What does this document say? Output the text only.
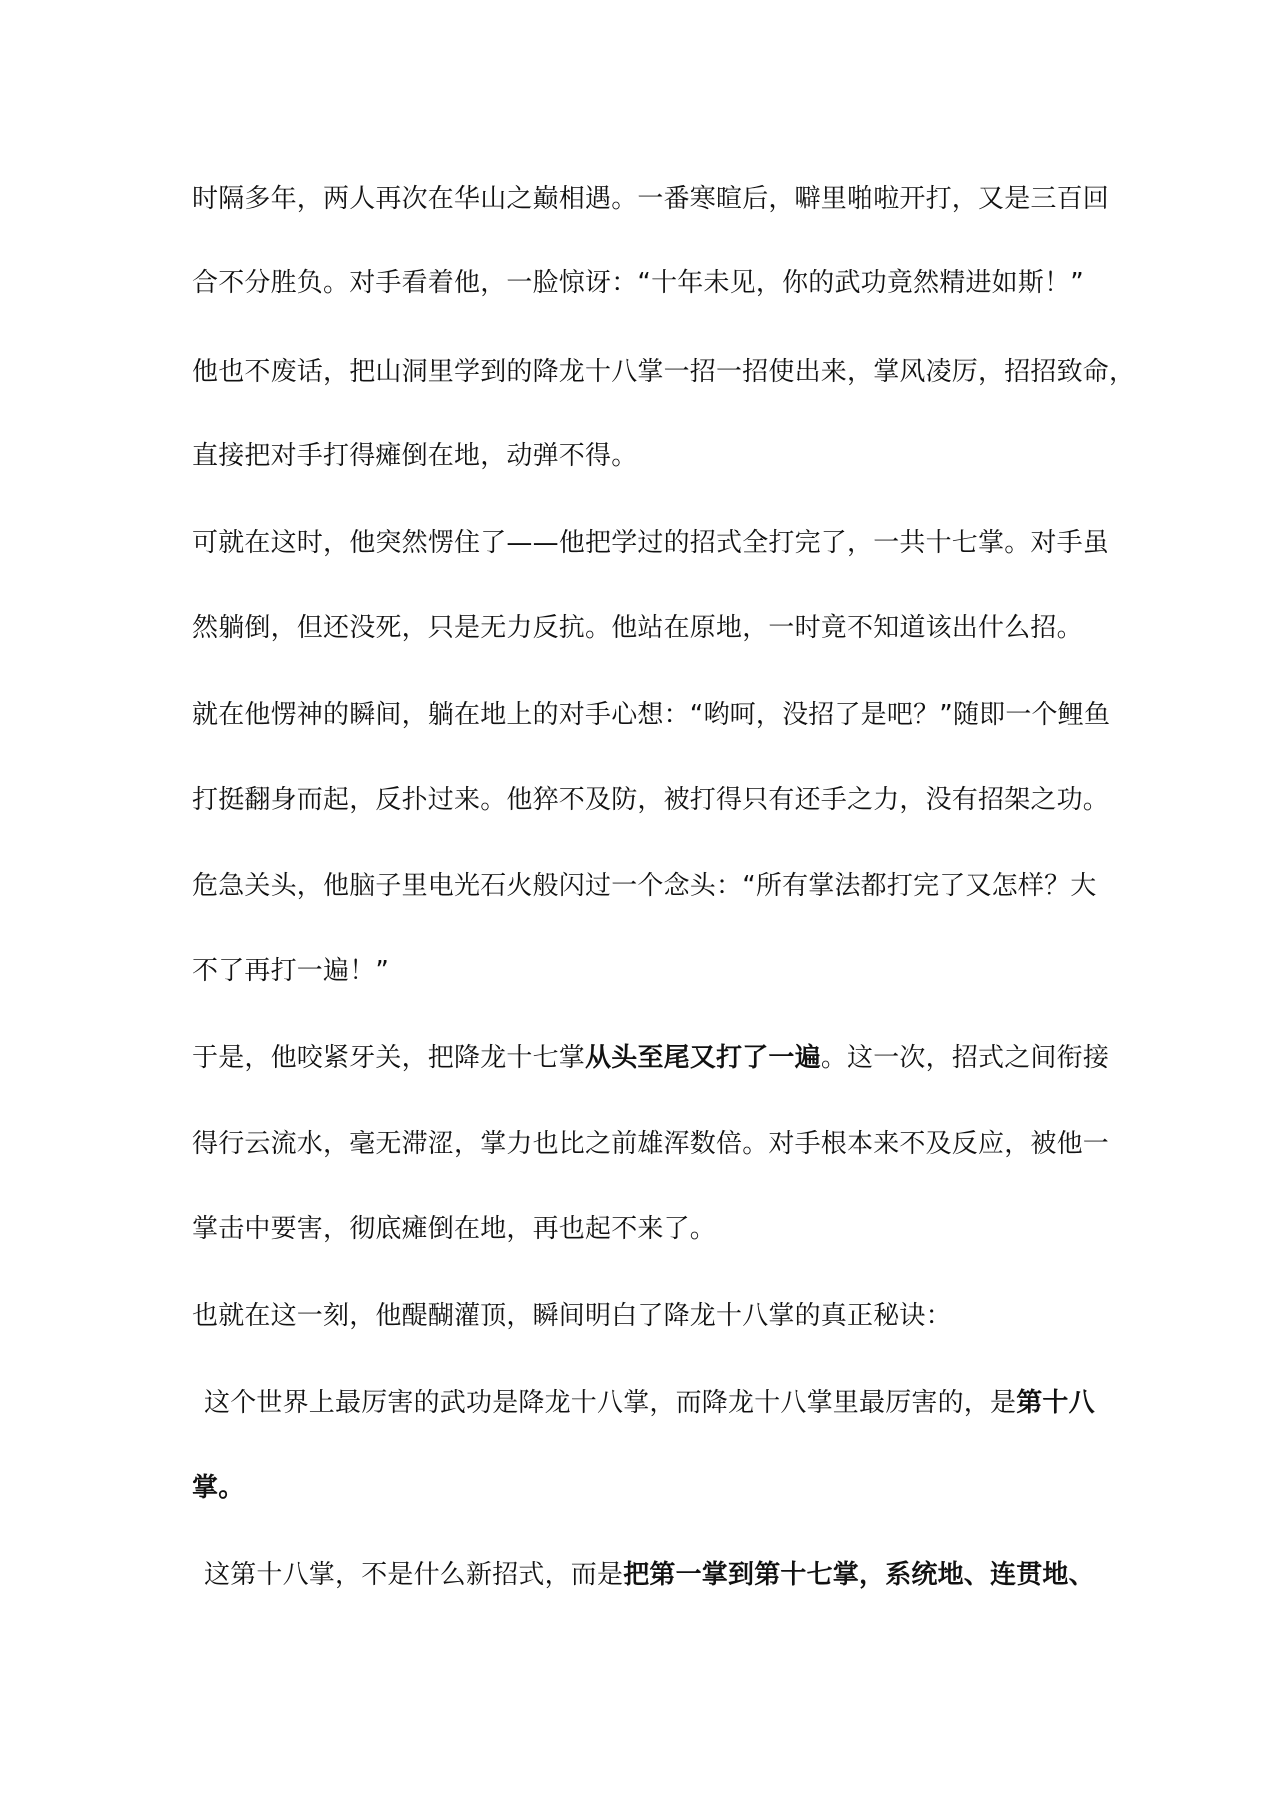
时隔多年，两人再次在华山之巅相遇。一番寒暄后，噼里啪啦开打，又是三百回
合不分胜负。对手看着他，一脸惊讶：“十年未见，你的武功竟然精进如斯！”
他也不废话，把山洞里学到的降龙十八掌一招一招使出来，掌风凌厉，招招致命，
直接把对手打得瘫倒在地，动弹不得。
可就在这时，他突然愣住了——他把学过的招式全打完了，一共十七掌。对手虽
然躺倒，但还没死，只是无力反抗。他站在原地，一时竟不知道该出什么招。
就在他愣神的瞬间，躺在地上的对手心想：“哟呵，没招了是吧？”随即一个鲤鱼
打挺翻身而起，反扑过来。他猝不及防，被打得只有还手之力，没有招架之功。
危急关头，他脑子里电光石火般闪过一个念头：“所有掌法都打完了又怎样？大
不了再打一遍！”
于是，他咬紧牙关，把降龙十七掌从头至尾又打了一遍。这一次，招式之间衔接
得行云流水，毫无滞涩，掌力也比之前雄浑数倍。对手根本来不及反应，被他一
掌击中要害，彻底瘫倒在地，再也起不来了。
也就在这一刻，他醍醐灌顶，瞬间明白了降龙十八掌的真正秘诀：
这个世界上最厉害的武功是降龙十八掌，而降龙十八掌里最厉害的，是第十八
掌。
这第十八掌，不是什么新招式，而是把第一掌到第十七掌，系统地、连贯地、
